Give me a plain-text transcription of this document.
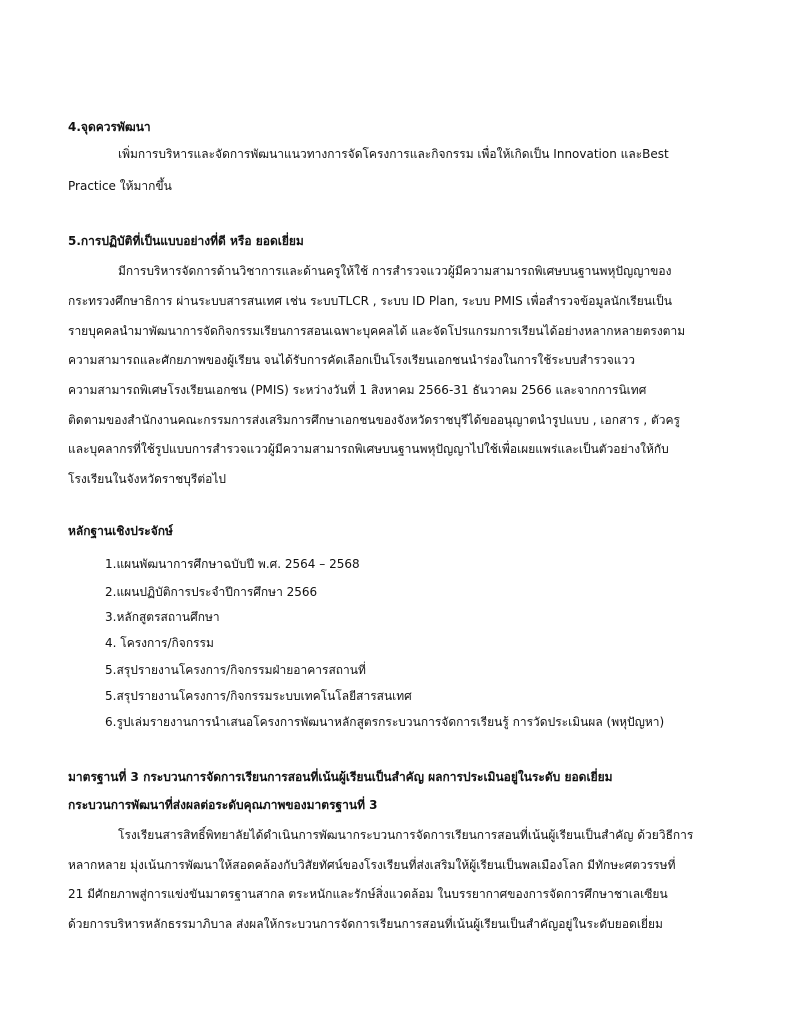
4.จุดควรพัฒนา
เพิ่มการบริหารและจัดการพัฒนาแนวทางการจัดโครงการและกิจกรรม เพื่อให้เกิดเป็น Innovation และBest
Practice ให้มากขึ้น
5.การปฏิบัติที่เป็นแบบอย่างที่ดี หรือ ยอดเยี่ยม
มีการบริหารจัดการด้านวิชาการและด้านครูให้ใช้ การสำรวจแววผู้มีความสามารถพิเศษบนฐานพหุปัญญาของ
กระทรวงศึกษาธิการ ผ่านระบบสารสนเทศ เช่น ระบบTLCR , ระบบ ID Plan, ระบบ PMIS เพื่อสำรวจข้อมูลนักเรียนเป็น
รายบุคคลนำมาพัฒนาการจัดกิจกรรมเรียนการสอนเฉพาะบุคคลได้ และจัดโปรแกรมการเรียนได้อย่างหลากหลายตรงตาม
ความสามารถและศักยภาพของผู้เรียน จนได้รับการคัดเลือกเป็นโรงเรียนเอกชนนำร่องในการใช้ระบบสำรวจแวว
ความสามารถพิเศษโรงเรียนเอกชน (PMIS) ระหว่างวันที่ 1 สิงหาคม 2566-31 ธันวาคม 2566 และจากการนิเทศ
ติดตามของสำนักงานคณะกรรมการส่งเสริมการศึกษาเอกชนของจังหวัดราชบุรีได้ขออนุญาตนำรูปแบบ , เอกสาร , ตัวครู
และบุคลากรที่ใช้รูปแบบการสำรวจแววผู้มีความสามารถพิเศษบนฐานพหุปัญญาไปใช้เพื่อเผยแพร่และเป็นตัวอย่างให้กับ
โรงเรียนในจังหวัดราชบุรีต่อไป
หลักฐานเชิงประจักษ์
1.แผนพัฒนาการศึกษาฉบับปี พ.ศ. 2564 – 2568
2.แผนปฏิบัติการประจำปีการศึกษา 2566
3.หลักสูตรสถานศึกษา
4. โครงการ/กิจกรรม
5.สรุปรายงานโครงการ/กิจกรรมฝ่ายอาคารสถานที่
5.สรุปรายงานโครงการ/กิจกรรมระบบเทคโนโลยีสารสนเทศ
6.รูปเล่มรายงานการนำเสนอโครงการพัฒนาหลักสูตรกระบวนการจัดการเรียนรู้ การวัดประเมินผล (พหุปัญหา)
มาตรฐานที่ 3 กระบวนการจัดการเรียนการสอนที่เน้นผู้เรียนเป็นสำคัญ ผลการประเมินอยู่ในระดับ ยอดเยี่ยม
กระบวนการพัฒนาที่ส่งผลต่อระดับคุณภาพของมาตรฐานที่ 3
โรงเรียนสารสิทธิ์พิทยาลัยได้ดำเนินการพัฒนากระบวนการจัดการเรียนการสอนที่เน้นผู้เรียนเป็นสำคัญ ด้วยวิธีการ
หลากหลาย มุ่งเน้นการพัฒนาให้สอดคล้องกับวิสัยทัศน์ของโรงเรียนที่ส่งเสริมให้ผู้เรียนเป็นพลเมืองโลก มีทักษะศตวรรษที่
21 มีศักยภาพสู่การแข่งขันมาตรฐานสากล ตระหนักและรักษ์สิ่งแวดล้อม ในบรรยากาศของการจัดการศึกษาชาเลเซียน
ด้วยการบริหารหลักธรรมาภิบาล ส่งผลให้กระบวนการจัดการเรียนการสอนที่เน้นผู้เรียนเป็นสำคัญอยู่ในระดับยอดเยี่ยม
